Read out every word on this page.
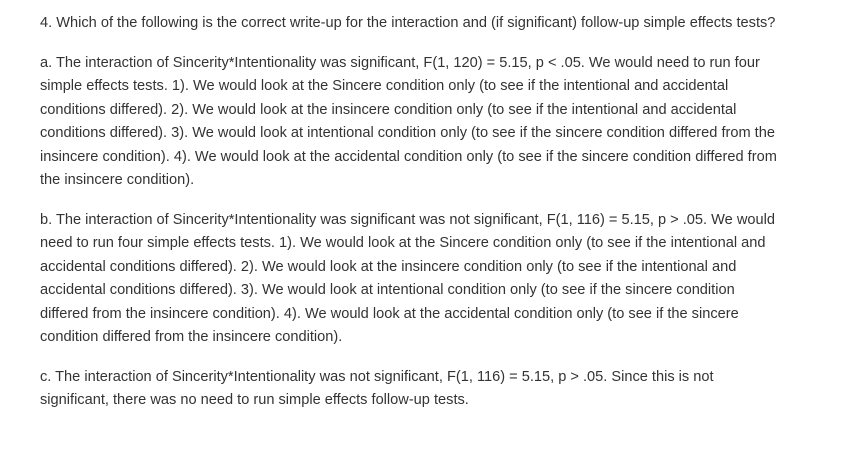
4. Which of the following is the correct write-up for the interaction and (if significant) follow-up simple effects tests?

a. The interaction of Sincerity*Intentionality was significant, F(1, 120) = 5.15, p < .05. We would need to run four simple effects tests. 1). We would look at the Sincere condition only (to see if the intentional and accidental conditions differed). 2). We would look at the insincere condition only (to see if the intentional and accidental conditions differed). 3). We would look at intentional condition only (to see if the sincere condition differed from the insincere condition). 4). We would look at the accidental condition only (to see if the sincere condition differed from the insincere condition).

b. The interaction of Sincerity*Intentionality was significant was not significant, F(1, 116) = 5.15, p > .05. We would need to run four simple effects tests. 1). We would look at the Sincere condition only (to see if the intentional and accidental conditions differed). 2). We would look at the insincere condition only (to see if the intentional and accidental conditions differed). 3). We would look at intentional condition only (to see if the sincere condition differed from the insincere condition). 4). We would look at the accidental condition only (to see if the sincere condition differed from the insincere condition).

c. The interaction of Sincerity*Intentionality was not significant, F(1, 116) = 5.15, p > .05. Since this is not significant, there was no need to run simple effects follow-up tests.
